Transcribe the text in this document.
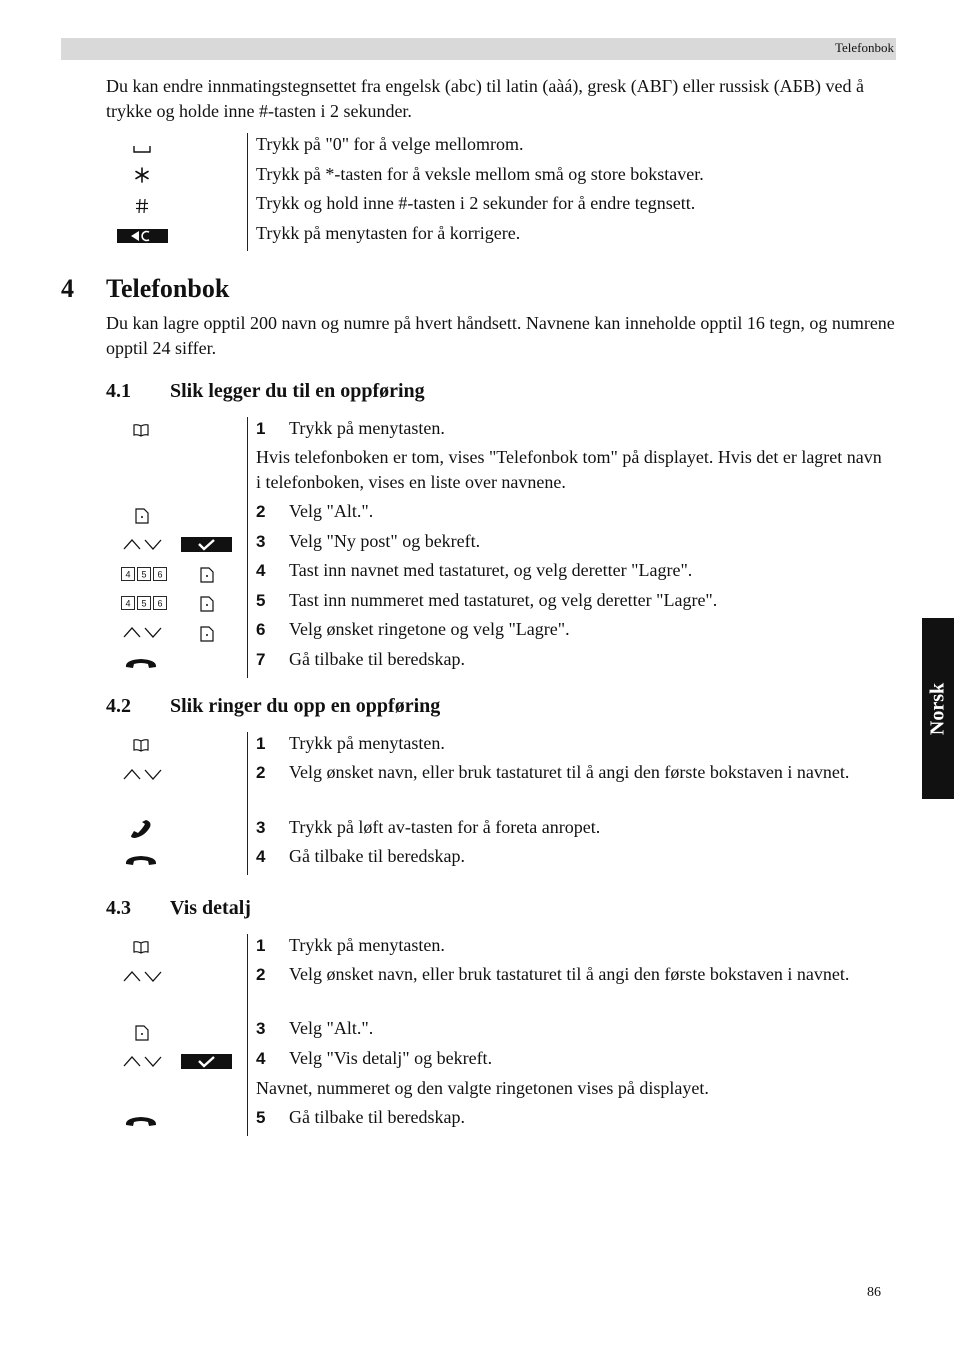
Telefonbok
Norsk
Du kan endre innmatingstegnsettet fra engelsk (abc) til latin (aàá), gresk (ΑΒΓ) eller russisk (АБВ) ved å trykke og holde inne #-tasten i 2 sekunder.
Trykk på "0" for å velge mellomrom.
Trykk på *-tasten for å veksle mellom små og store bokstaver.
Trykk og hold inne #-tasten i 2 sekunder for å endre tegnsett.
Trykk på menytasten for å korrigere.
4 Telefonbok
Du kan lagre opptil 200 navn og numre på hvert håndsett. Navnene kan inneholde opptil 16 tegn, og numrene opptil 24 siffer.
4.1 Slik legger du til en oppføring
1 Trykk på menytasten.
Hvis telefonboken er tom, vises "Telefonbok tom" på displayet. Hvis det er lagret navn i telefonboken, vises en liste over navnene.
2 Velg "Alt.".
3 Velg "Ny post" og bekreft.
4 5 6	4 Tast inn navnet med tastaturet, og velg deretter "Lagre".
4 5 6	5 Tast inn nummeret med tastaturet, og velg deretter "Lagre".
6 Velg ønsket ringetone og velg "Lagre".
7 Gå tilbake til beredskap.
4.2 Slik ringer du opp en oppføring
1 Trykk på menytasten.
2 Velg ønsket navn, eller bruk tastaturet til å angi den første bokstaven i navnet.
3 Trykk på løft av-tasten for å foreta anropet.
4 Gå tilbake til beredskap.
4.3 Vis detalj
1 Trykk på menytasten.
2 Velg ønsket navn, eller bruk tastaturet til å angi den første bokstaven i navnet.
3 Velg "Alt.".
4 Velg "Vis detalj" og bekreft.
Navnet, nummeret og den valgte ringetonen vises på displayet.
5 Gå tilbake til beredskap.
86
